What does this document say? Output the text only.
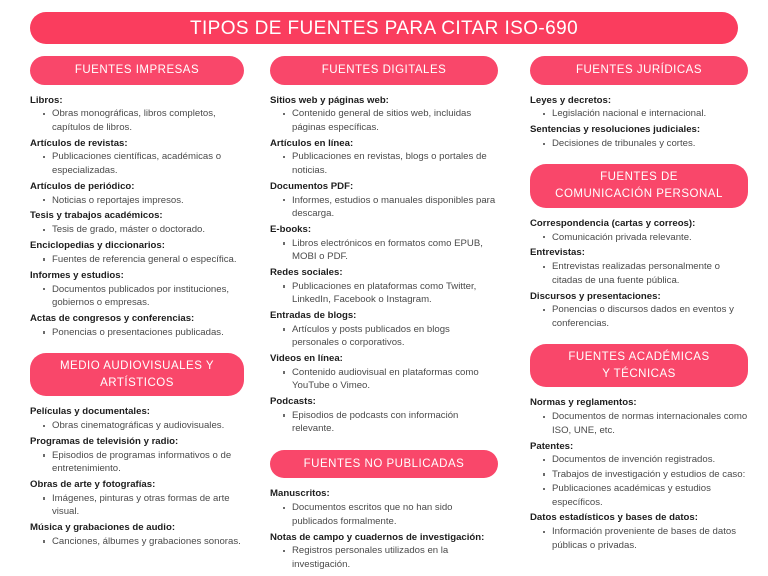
TIPOS DE FUENTES PARA CITAR ISO-690
FUENTES IMPRESAS

Libros:

Obras monográficas, libros completos, capítulos de libros.

Artículos de revistas:

Publicaciones científicas, académicas o especializadas.

Artículos de periódico:

Noticias o reportajes impresos.

Tesis y trabajos académicos:

Tesis de grado, máster o doctorado.

Enciclopedias y diccionarios:

Fuentes de referencia general o específica.

Informes y estudios:

Documentos publicados por instituciones, gobiernos o empresas.

Actas de congresos y conferencias:

Ponencias o presentaciones publicadas.
MEDIO AUDIOVISUALES Y
ARTÍSTICOS

Películas y documentales:

Obras cinematográficas y audiovisuales.

Programas de televisión y radio:

Episodios de programas informativos o de entretenimiento.

Obras de arte y fotografías:

Imágenes, pinturas y otras formas de arte visual.

Música y grabaciones de audio:

Canciones, álbumes y grabaciones sonoras.
FUENTES DIGITALES

Sitios web y páginas web:

Contenido general de sitios web, incluidas páginas específicas.

Artículos en línea:

Publicaciones en revistas, blogs o portales de noticias.

Documentos PDF:

Informes, estudios o manuales disponibles para descarga.

E-books:

Libros electrónicos en formatos como EPUB, MOBI o PDF.

Redes sociales:

Publicaciones en plataformas como Twitter, LinkedIn, Facebook o Instagram.

Entradas de blogs:

Artículos y posts publicados en blogs personales o corporativos.

Videos en línea:

Contenido audiovisual en plataformas como YouTube o Vimeo.

Podcasts:

Episodios de podcasts con información relevante.
FUENTES NO PUBLICADAS

Manuscritos:

Documentos escritos que no han sido publicados formalmente.

Notas de campo y cuadernos de investigación:

Registros personales utilizados en la investigación.
FUENTES JURÍDICAS

Leyes y decretos:

Legislación nacional e internacional.

Sentencias y resoluciones judiciales:

Decisiones de tribunales y cortes.
FUENTES DE
COMUNICACIÓN PERSONAL

Correspondencia (cartas y correos):

Comunicación privada relevante.

Entrevistas:

Entrevistas realizadas personalmente o citadas de una fuente pública.

Discursos y presentaciones:

Ponencias o discursos dados en eventos y conferencias.
FUENTES ACADÉMICAS
Y TÉCNICAS

Normas y reglamentos:

Documentos de normas internacionales como ISO, UNE, etc.

Patentes:

Documentos de invención registrados.
Trabajos de investigación y estudios de caso:
Publicaciones académicas y estudios específicos.

Datos estadísticos y bases de datos:

Información proveniente de bases de datos públicas o privadas.
